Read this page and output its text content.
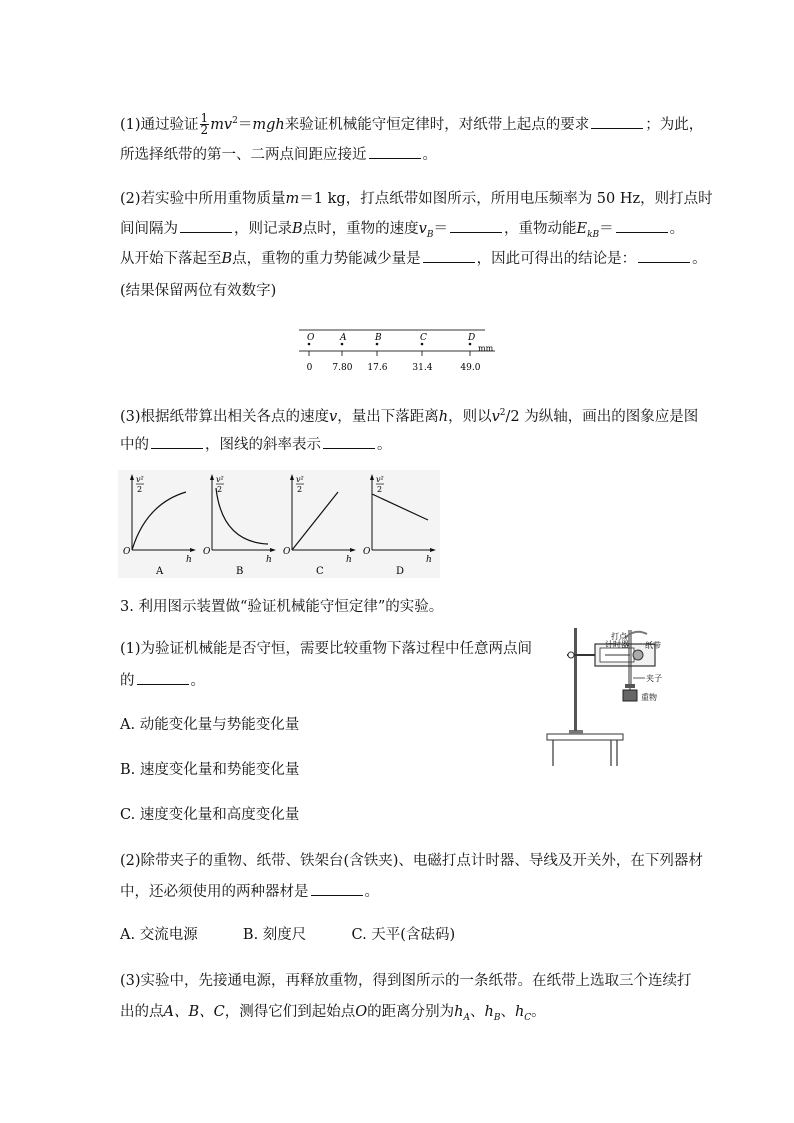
(1)通过验证 $\frac{1}{2} mv^2=mgh$来验证机械能守恒定律时，对纸带上起点的要求	；为此，
所选择纸带的第一、二两点间距应接近	。
(2)若实验中所用重物质量m＝1 kg，打点纸带如图所示，所用电压频率为 50 Hz，则打点时
间间隔为	，则记录B点时，重物的速度$v_B=$	，重物动能$E_{kB}=$	。
从开始下落起至B点，重物的重力势能减少量是	，因此可得出的结论是：	。
(结果保留两位有效数字)
O
0
A
7.80
B
17.6
C
31.4
D
49.0
mm
(3)根据纸带算出相关各点的速度v，量出下落距离h，则以$v^2/2$ 为纵轴，画出的图象应是图
中的	，图线的斜率表示	。
v²
2
O
h
A
v²
2
O
h
B
v²
2
O
h
C
v²
2
O
h
D
3. 利用图示装置做“验证机械能守恒定律”的实验。
(1)为验证机械能是否守恒，需要比较重物下落过程中任意两点间
的	。
A. 动能变化量与势能变化量
B. 速度变化量和势能变化量
C. 速度变化量和高度变化量
(2)除带夹子的重物、纸带、铁架台(含铁夹)、电磁打点计时器、导线及开关外，在下列器材
中，还必须使用的两种器材是	。
A. 交流电源	B. 刻度尺	C. 天平(含砝码)
(3)实验中，先接通电源，再释放重物，得到图所示的一条纸带。在纸带上选取三个连续打
出的点A、B、C，测得它们到起始点O的距离分别为$h_A$、$h_B$、$h_C$。
打点
计时器 纸带
夹子
重物
